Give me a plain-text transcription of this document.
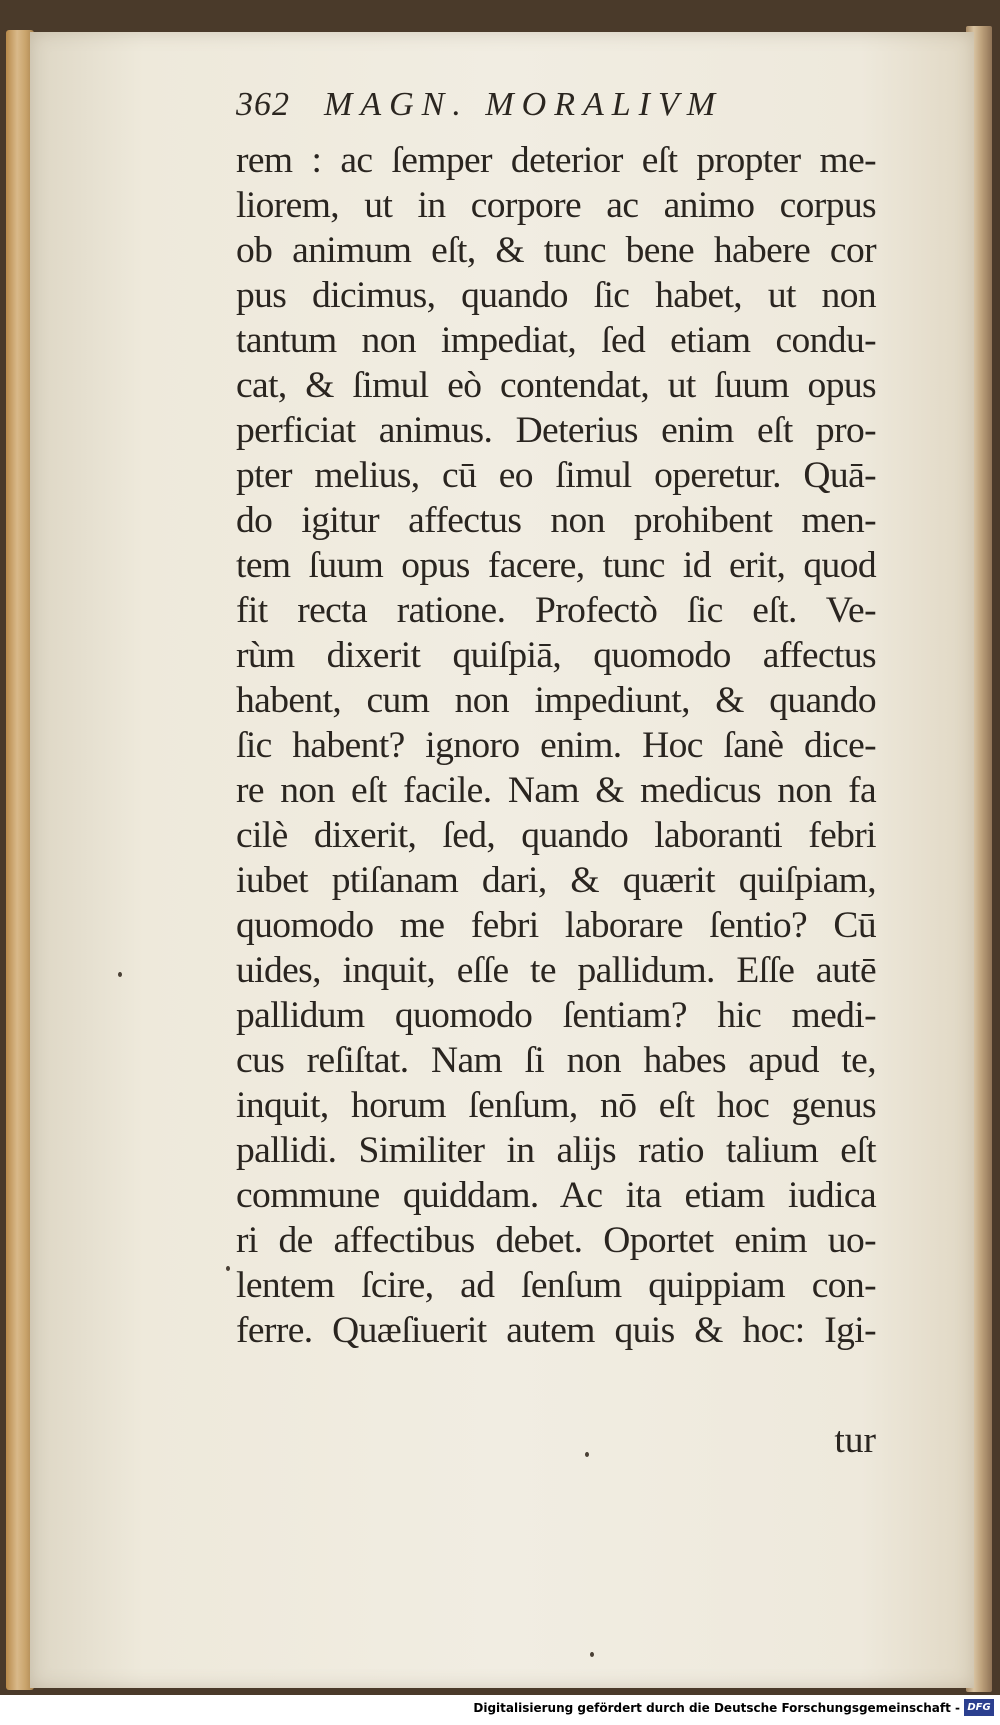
362 MAGN. MORALIVM
rem : ac ſemper deterior eſt propter me-
liorem, ut in corpore ac animo corpus
ob animum eſt, & tunc bene habere cor
pus dicimus, quando ſic habet, ut non
tantum non impediat, ſed etiam condu-
cat, & ſimul eò contendat, ut ſuum opus
perficiat animus. Deterius enim eſt pro-
pter melius, cū eo ſimul operetur. Quā-
do igitur affectus non prohibent men-
tem ſuum opus facere, tunc id erit, quod
fit recta ratione. Profectò ſic eſt. Ve-
rùm dixerit quiſpiā, quomodo affectus
habent, cum non impediunt, & quando
ſic habent? ignoro enim. Hoc ſanè dice-
re non eſt facile. Nam & medicus non fa
cilè dixerit, ſed, quando laboranti febri
iubet ptiſanam dari, & quærit quiſpiam,
quomodo me febri laborare ſentio? Cū
uides, inquit, eſſe te pallidum. Eſſe autē
pallidum quomodo ſentiam? hic medi-
cus reſiſtat. Nam ſi non habes apud te,
inquit, horum ſenſum, nō eſt hoc genus
pallidi. Similiter in alijs ratio talium eſt
commune quiddam. Ac ita etiam iudica
ri de affectibus debet. Oportet enim uo-
lentem ſcire, ad ſenſum quippiam con-
ferre. Quæſiuerit autem quis & hoc: Igi-
tur
Digitalisierung gefördert durch die Deutsche Forschungsgemeinschaft - DFG
